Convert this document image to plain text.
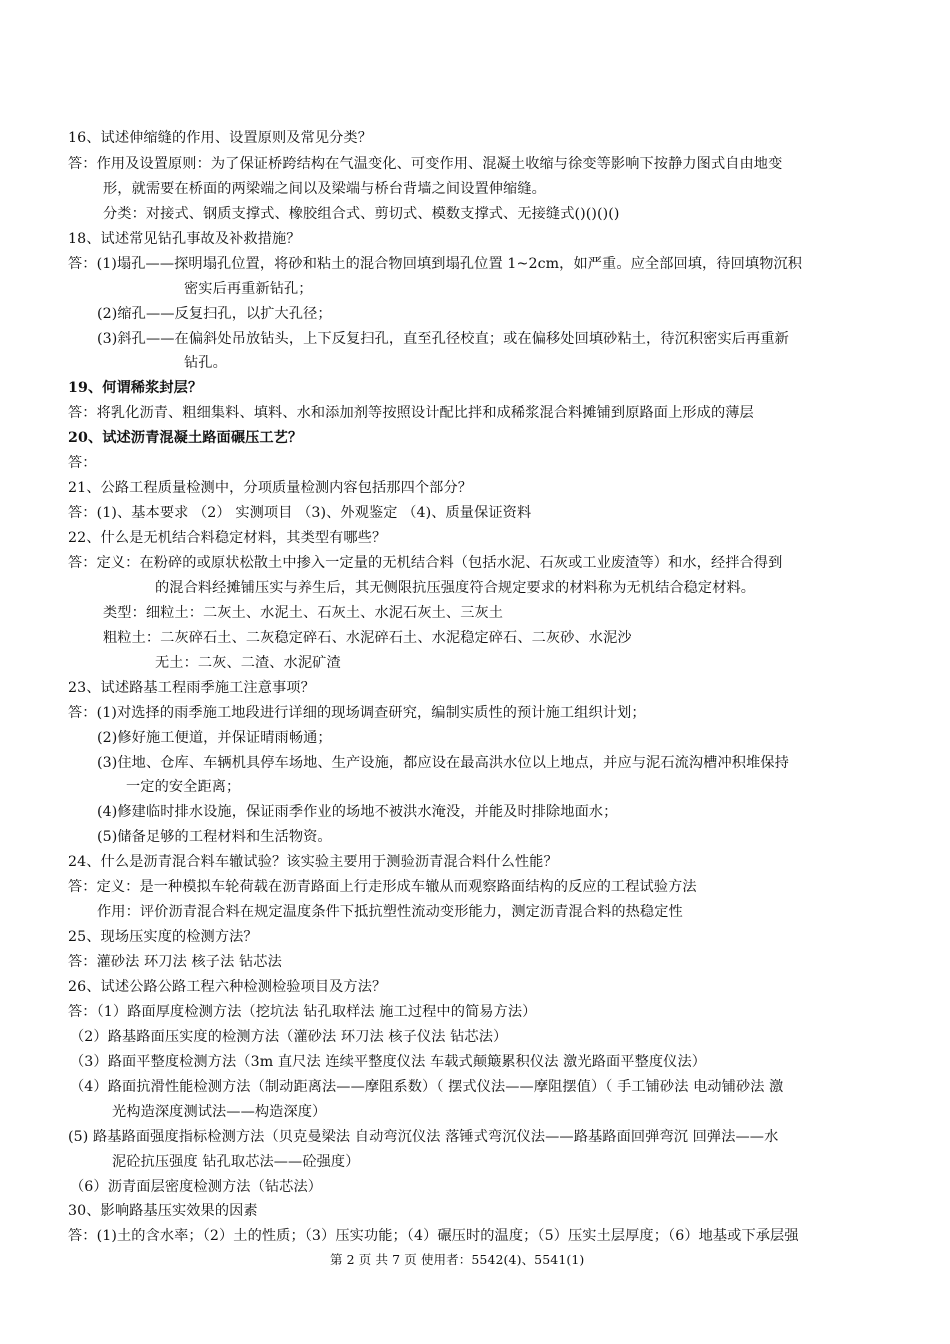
16、试述伸缩缝的作用、设置原则及常见分类？
答：作用及设置原则：为了保证桥跨结构在气温变化、可变作用、混凝土收缩与徐变等影响下按静力图式自由地变
形，就需要在桥面的两梁端之间以及梁端与桥台背墙之间设置伸缩缝。
分类：对接式、钢质支撑式、橡胶组合式、剪切式、模数支撑式、无接缝式()()()()
18、试述常见钻孔事故及补救措施？
答：(1)塌孔——探明塌孔位置，将砂和粘土的混合物回填到塌孔位置 1~2cm，如严重。应全部回填，待回填物沉积
密实后再重新钻孔；
(2)缩孔——反复扫孔，以扩大孔径；
(3)斜孔——在偏斜处吊放钻头，上下反复扫孔，直至孔径校直；或在偏移处回填砂粘土，待沉积密实后再重新
钻孔。
19、何谓稀浆封层？
答：将乳化沥青、粗细集料、填料、水和添加剂等按照设计配比拌和成稀浆混合料摊铺到原路面上形成的薄层
20、试述沥青混凝土路面碾压工艺？
答：
21、公路工程质量检测中，分项质量检测内容包括那四个部分？
答：(1)、基本要求 （2） 实测项目 （3)、外观鉴定 （4)、质量保证资料
22、什么是无机结合料稳定材料，其类型有哪些？
答：定义：在粉碎的或原状松散土中掺入一定量的无机结合料（包括水泥、石灰或工业废渣等）和水，经拌合得到
的混合料经摊铺压实与养生后，其无侧限抗压强度符合规定要求的材料称为无机结合稳定材料。
类型：细粒土：二灰土、水泥土、石灰土、水泥石灰土、三灰土
粗粒土：二灰碎石土、二灰稳定碎石、水泥碎石土、水泥稳定碎石、二灰砂、水泥沙
无土：二灰、二渣、水泥矿渣
23、试述路基工程雨季施工注意事项？
答：(1)对选择的雨季施工地段进行详细的现场调查研究，编制实质性的预计施工组织计划；
(2)修好施工便道，并保证晴雨畅通；
(3)住地、仓库、车辆机具停车场地、生产设施，都应设在最高洪水位以上地点，并应与泥石流沟槽冲积堆保持
一定的安全距离；
(4)修建临时排水设施，保证雨季作业的场地不被洪水淹没，并能及时排除地面水；
(5)储备足够的工程材料和生活物资。
24、什么是沥青混合料车辙试验？该实验主要用于测验沥青混合料什么性能？
答：定义：是一种模拟车轮荷载在沥青路面上行走形成车辙从而观察路面结构的反应的工程试验方法
作用：评价沥青混合料在规定温度条件下抵抗塑性流动变形能力，测定沥青混合料的热稳定性
25、现场压实度的检测方法？
答：灌砂法 环刀法 核子法 钻芯法
26、试述公路公路工程六种检测检验项目及方法？
答：（1）路面厚度检测方法（挖坑法 钻孔取样法 施工过程中的简易方法）
（2）路基路面压实度的检测方法（灌砂法 环刀法 核子仪法 钻芯法）
（3）路面平整度检测方法（3m 直尺法 连续平整度仪法 车载式颠簸累积仪法 激光路面平整度仪法）
（4）路面抗滑性能检测方法（制动距离法——摩阻系数）（ 摆式仪法——摩阻摆值）（ 手工铺砂法 电动铺砂法 激
光构造深度测试法——构造深度）
(5) 路基路面强度指标检测方法（贝克曼梁法 自动弯沉仪法 落锤式弯沉仪法——路基路面回弹弯沉 回弹法——水
泥砼抗压强度 钻孔取芯法——砼强度）
（6）沥青面层密度检测方法（钻芯法）
30、影响路基压实效果的因素
答：(1)土的含水率；（2）土的性质；（3）压实功能；（4）碾压时的温度；（5）压实土层厚度；（6）地基或下承层强
第 2 页 共 7 页 使用者：5542(4)、5541(1)
